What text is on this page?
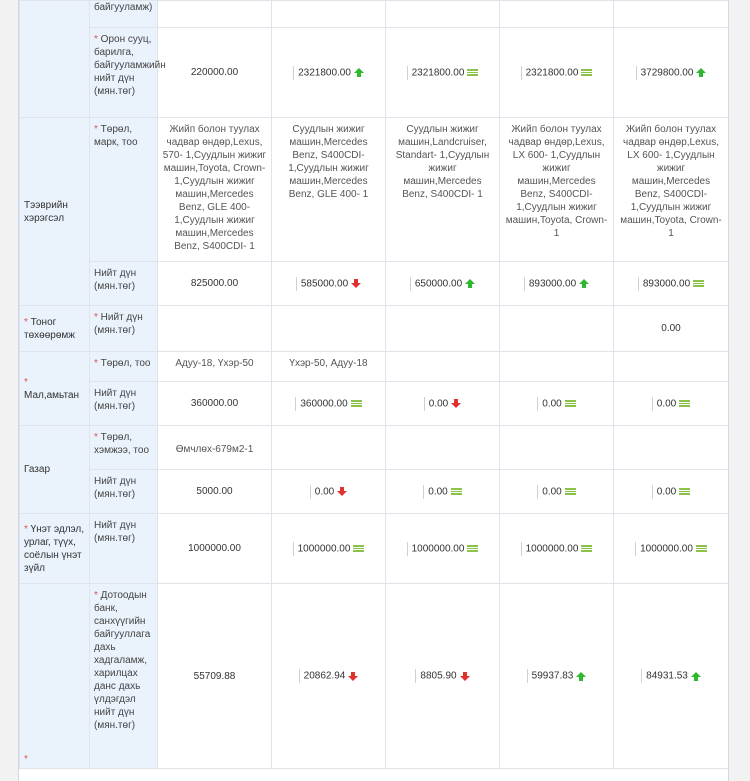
	байгууламж)					
	* Орон сууц, барилга, байгууламжийн нийт дүн (мян.төг)	220000.00	2321800.00	2321800.00	2321800.00	3729800.00
Тээврийн хэрэгсэл	* Төрөл, марк, тоо	Жийп болон туулах чадвар өндөр,Lexus, 570- 1,Суудлын жижиг машин,Toyota, Crown- 1,Суудлын жижиг машин,Mercedes Benz, GLE 400- 1,Суудлын жижиг машин,Mercedes Benz, S400CDI- 1	Суудлын жижиг машин,Mercedes Benz, S400CDI- 1,Суудлын жижиг машин,Mercedes Benz, GLE 400- 1	Суудлын жижиг машин,Landcruiser, Standart- 1,Суудлын жижиг машин,Mercedes Benz, S400CDI- 1	Жийп болон туулах чадвар өндөр,Lexus, LX 600- 1,Суудлын жижиг машин,Mercedes Benz, S400CDI- 1,Суудлын жижиг машин,Toyota, Crown- 1	Жийп болон туулах чадвар өндөр,Lexus, LX 600- 1,Суудлын жижиг машин,Mercedes Benz, S400CDI- 1,Суудлын жижиг машин,Toyota, Crown- 1
	Нийт дүн (мян.төг)	825000.00	585000.00	650000.00	893000.00	893000.00
* Тоног төхөөрөмж	* Нийт дүн (мян.төг)					0.00
*
Мал,амьтан	* Төрөл, тоо	Адуу-18, Үхэр-50	Үхэр-50, Адуу-18			
	Нийт дүн (мян.төг)	360000.00	360000.00	0.00	0.00	0.00
Газар	* Төрөл, хэмжээ, тоо	Өмчлөх-679м2-1				
	Нийт дүн (мян.төг)	5000.00	0.00	0.00	0.00	0.00
* Үнэт эдлэл, урлаг, түүх, соёлын үнэт зүйл	Нийт дүн (мян.төг)	1000000.00	1000000.00	1000000.00	1000000.00	1000000.00
*	* Дотоодын банк, санхүүгийн байгууллага дахь хадгаламж, харилцах данс дахь үлдэгдэл нийт дүн (мян.төг)	55709.88	20862.94	8805.90	59937.83	84931.53
